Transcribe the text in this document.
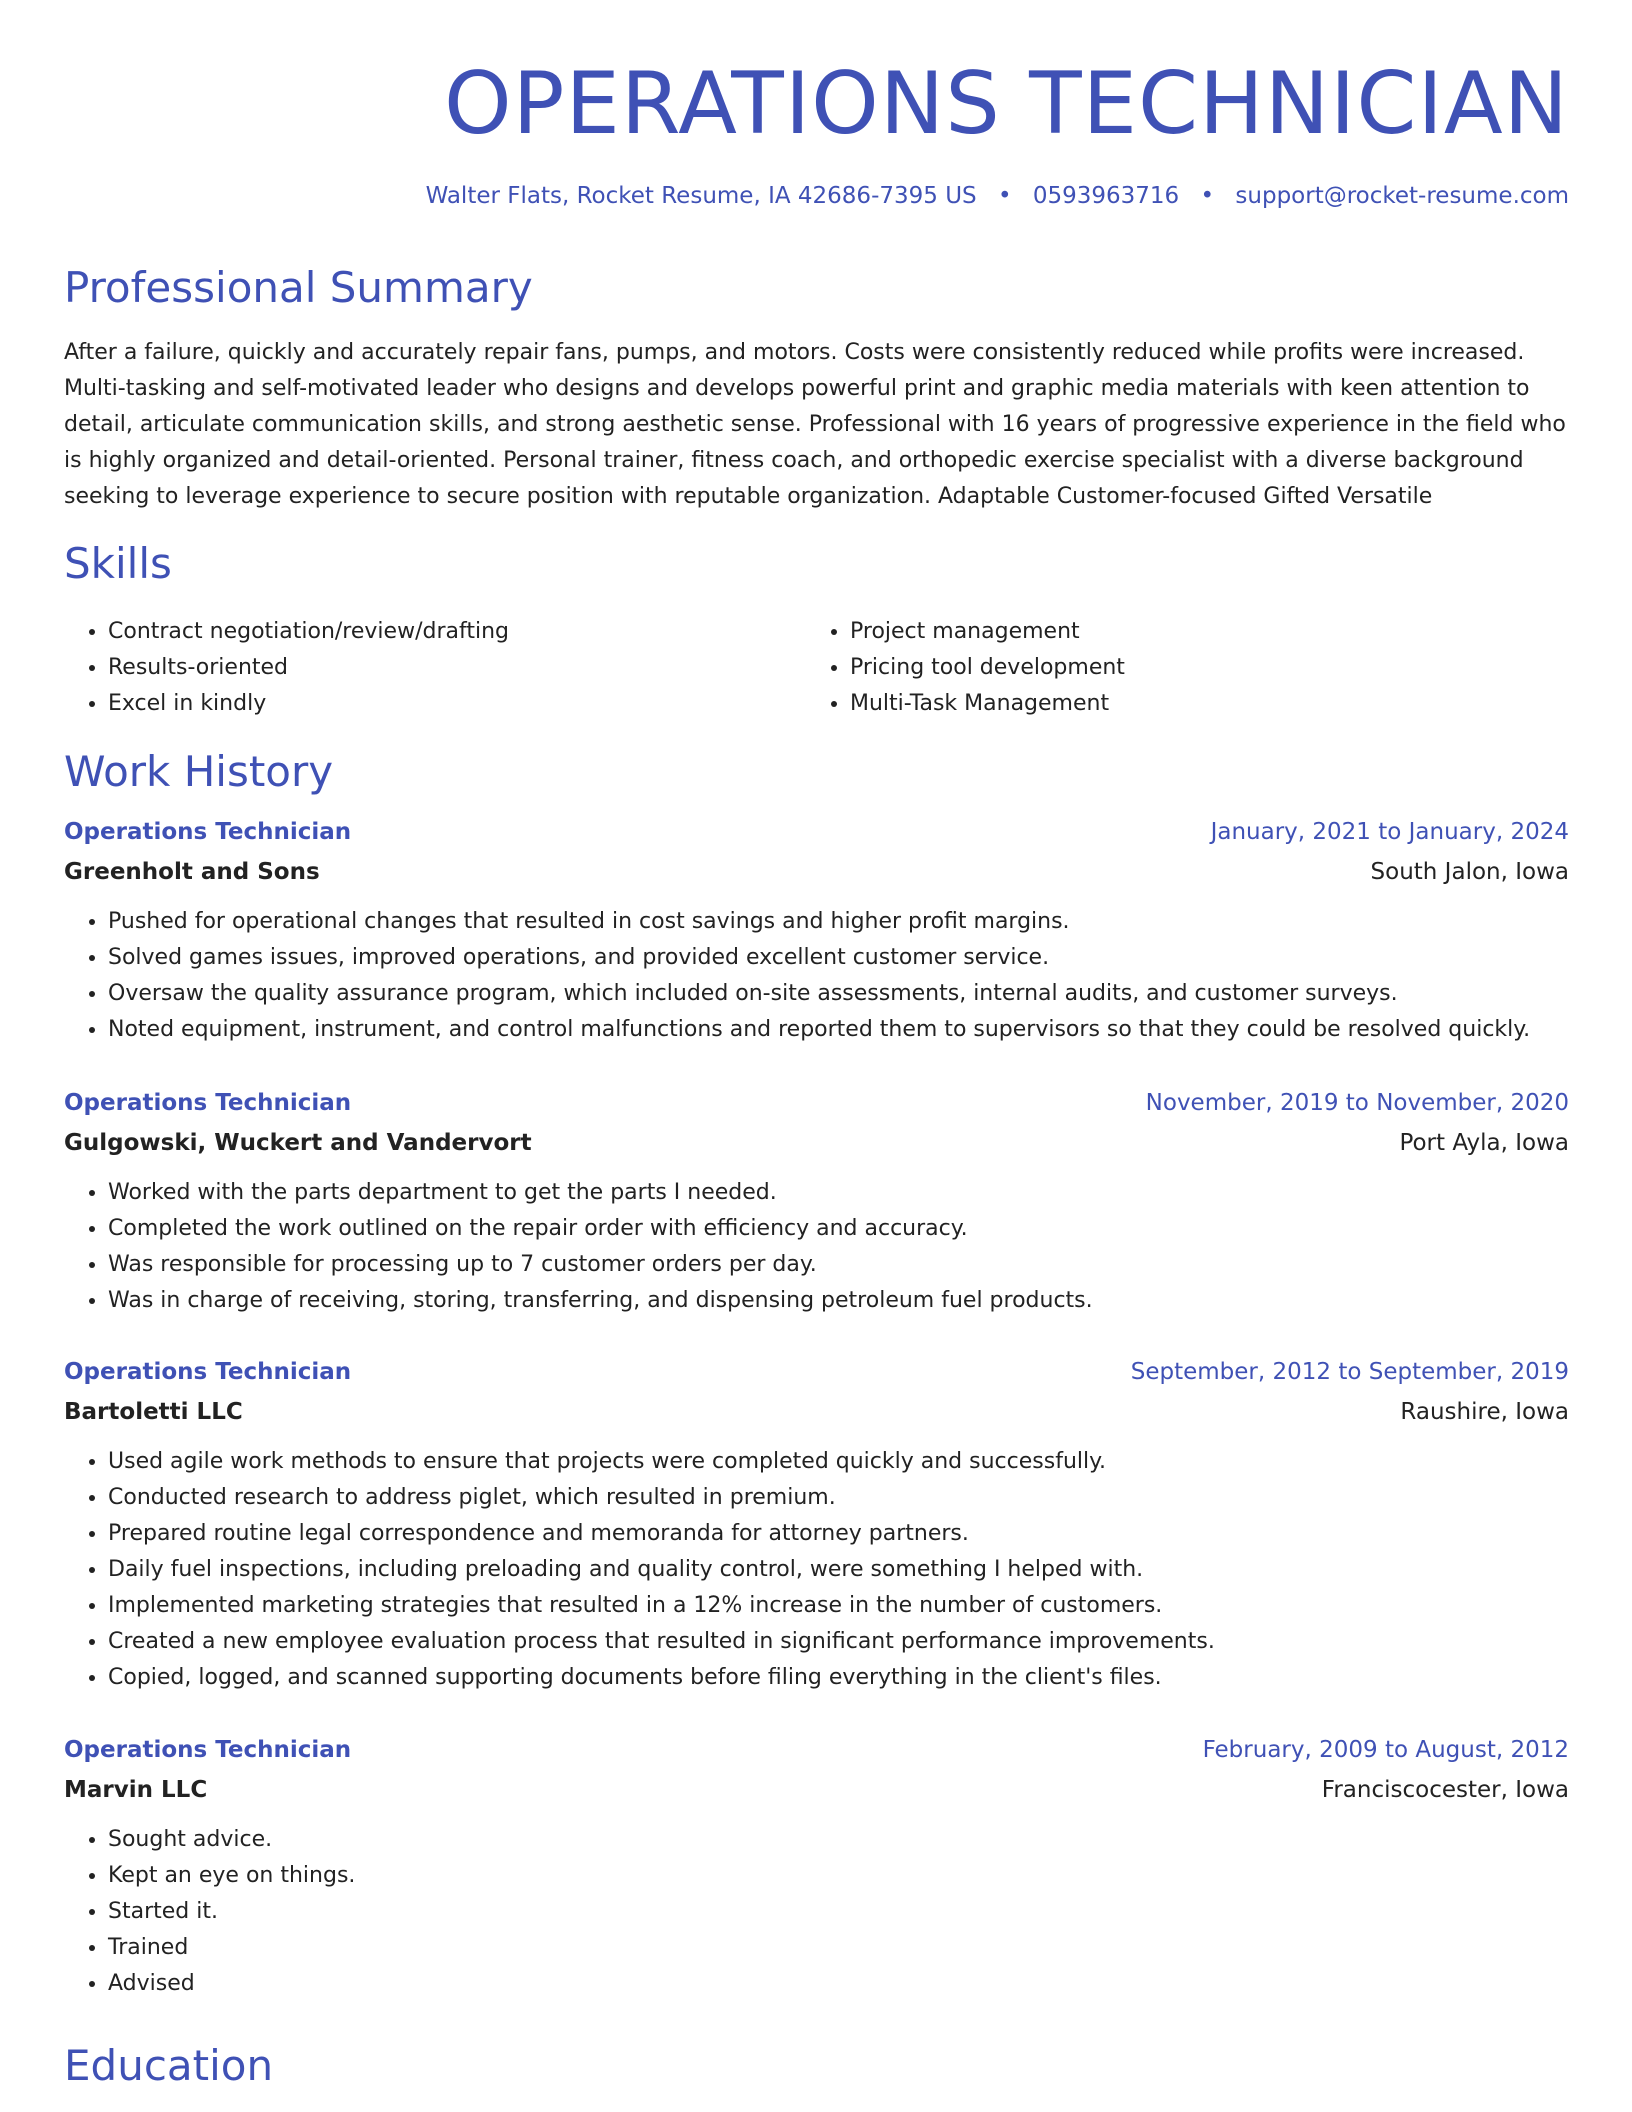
OPERATIONS TECHNICIAN
Walter Flats, Rocket Resume, IA 42686-7395 US • 0593963716 • support@rocket-resume.com
Professional Summary

After a failure, quickly and accurately repair fans, pumps, and motors. Costs were consistently reduced while profits were increased. Multi-tasking and self-motivated leader who designs and develops powerful print and graphic media materials with keen attention to detail, articulate communication skills, and strong aesthetic sense. Professional with 16 years of progressive experience in the field who is highly organized and detail-oriented. Personal trainer, fitness coach, and orthopedic exercise specialist with a diverse background seeking to leverage experience to secure position with reputable organization. Adaptable Customer-focused Gifted Versatile

Skills
• Contract negotiation/review/drafting
• Results-oriented
• Excel in kindly
• Project management
• Pricing tool development
• Multi-Task Management
Work History
Operations Technician	January, 2021 to January, 2024
Greenholt and Sons	South Jalon, Iowa
• Pushed for operational changes that resulted in cost savings and higher profit margins.
• Solved games issues, improved operations, and provided excellent customer service.
• Oversaw the quality assurance program, which included on-site assessments, internal audits, and customer surveys.
• Noted equipment, instrument, and control malfunctions and reported them to supervisors so that they could be resolved quickly.
Operations Technician	November, 2019 to November, 2020
Gulgowski, Wuckert and Vandervort	Port Ayla, Iowa
• Worked with the parts department to get the parts I needed.
• Completed the work outlined on the repair order with efficiency and accuracy.
• Was responsible for processing up to 7 customer orders per day.
• Was in charge of receiving, storing, transferring, and dispensing petroleum fuel products.
Operations Technician	September, 2012 to September, 2019
Bartoletti LLC	Raushire, Iowa
• Used agile work methods to ensure that projects were completed quickly and successfully.
• Conducted research to address piglet, which resulted in premium.
• Prepared routine legal correspondence and memoranda for attorney partners.
• Daily fuel inspections, including preloading and quality control, were something I helped with.
• Implemented marketing strategies that resulted in a 12% increase in the number of customers.
• Created a new employee evaluation process that resulted in significant performance improvements.
• Copied, logged, and scanned supporting documents before filing everything in the client's files.
Operations Technician	February, 2009 to August, 2012
Marvin LLC	Franciscocester, Iowa
• Sought advice.
• Kept an eye on things.
• Started it.
• Trained
• Advised
Education
